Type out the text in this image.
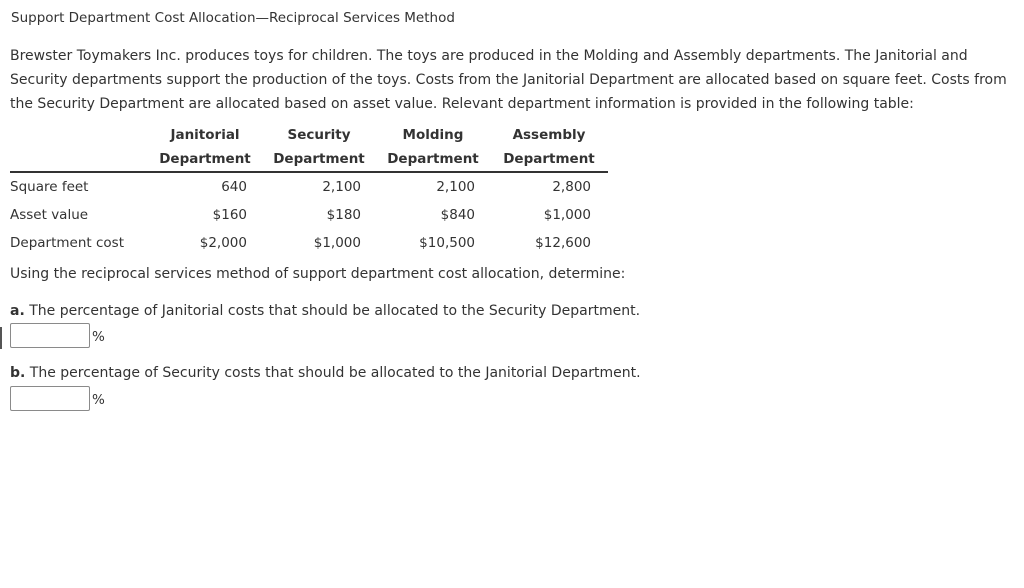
Support Department Cost Allocation—Reciprocal Services Method
Brewster Toymakers Inc. produces toys for children. The toys are produced in the Molding and Assembly departments. The Janitorial and Security departments support the production of the toys. Costs from the Janitorial Department are allocated based on square feet. Costs from the Security Department are allocated based on asset value. Relevant department information is provided in the following table:
	Janitorial	Security	Molding	Assembly
	Department	Department	Department	Department
Square feet	640	2,100	2,100	2,800
Asset value	$160	$180	$840	$1,000
Department cost	$2,000	$1,000	$10,500	$12,600
Using the reciprocal services method of support department cost allocation, determine:
a. The percentage of Janitorial costs that should be allocated to the Security Department.
%
b. The percentage of Security costs that should be allocated to the Janitorial Department.
%
